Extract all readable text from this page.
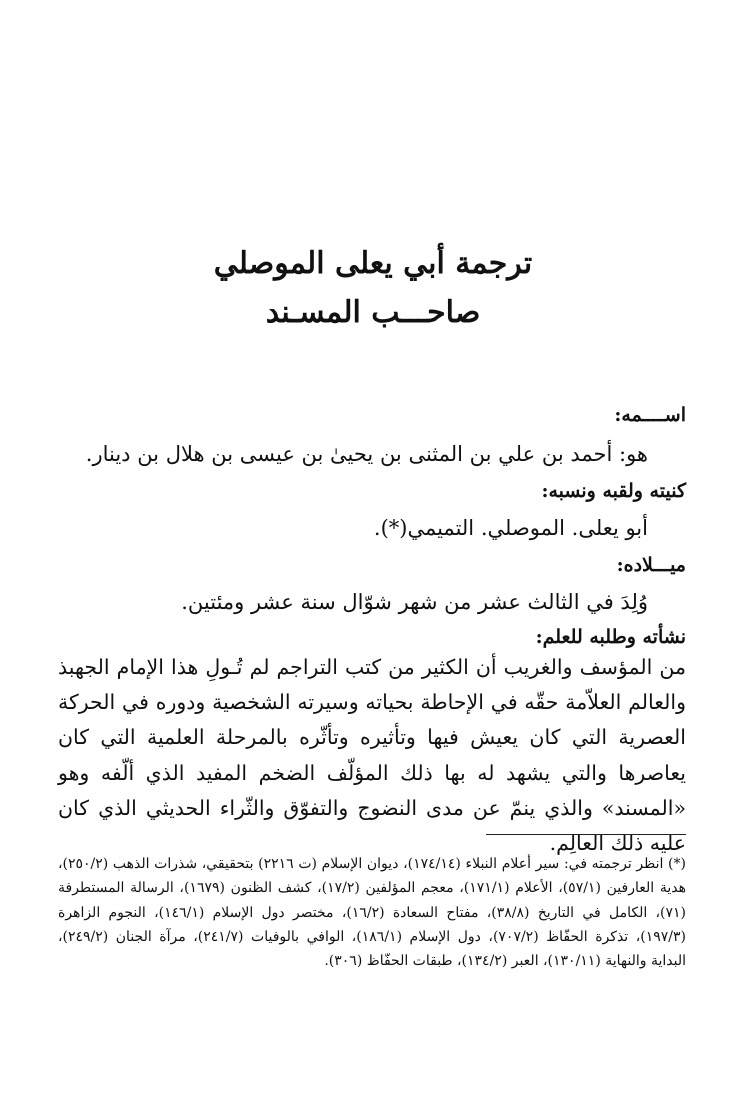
ترجمة أبي يعلى الموصلي
صاحـــب المسـند
اســــمه:
هو: أحمد بن علي بن المثنى بن يحيىٰ بن عيسى بن هلال بن دينار.
كنيته ولقبه ونسبه:
أبو يعلى. الموصلي. التميمي(*).
ميـــلاده:
وُلِدَ في الثالث عشر من شهر شوّال سنة عشر ومئتين.
نشأته وطلبه للعلم:
من المؤسف والغريب أن الكثير من كتب التراجم لم تُـولِ هذا الإمام الجهبذ والعالم العلاّمة حقّه في الإحاطة بحياته وسيرته الشخصية ودوره في الحركة العصرية التي كان يعيش فيها وتأثيره وتأثّره بالمرحلة العلمية التي كان يعاصرها والتي يشهد له بها ذلك المؤلّف الضخم المفيد الذي ألّفه وهو «المسند» والذي ينمّ عن مدى النضوج والتفوّق والثّراء الحديثي الذي كان عليه ذلك العالِم.
(*) انظر ترجمته في: سير أعلام النبلاء (١٧٤/١٤)، ديوان الإسلام (ت ٢٢١٦) بتحقيقي، شذرات الذهب (٢٥٠/٢)، هدية العارفين (٥٧/١)، الأعلام (١٧١/١)، معجم المؤلفين (١٧/٢)، كشف الظنون (١٦٧٩)، الرسالة المستطرفة (٧١)، الكامل في التاريخ (٣٨/٨)، مفتاح السعادة (١٦/٢)، مختصر دول الإسلام (١٤٦/١)، النجوم الزاهرة (١٩٧/٣)، تذكرة الحفّاظ (٧٠٧/٢)، دول الإسلام (١٨٦/١)، الوافي بالوفيات (٢٤١/٧)، مرآة الجنان (٢٤٩/٢)، البداية والنهاية (١٣٠/١١)، العبر (١٣٤/٢)، طبقات الحفّاظ (٣٠٦).
